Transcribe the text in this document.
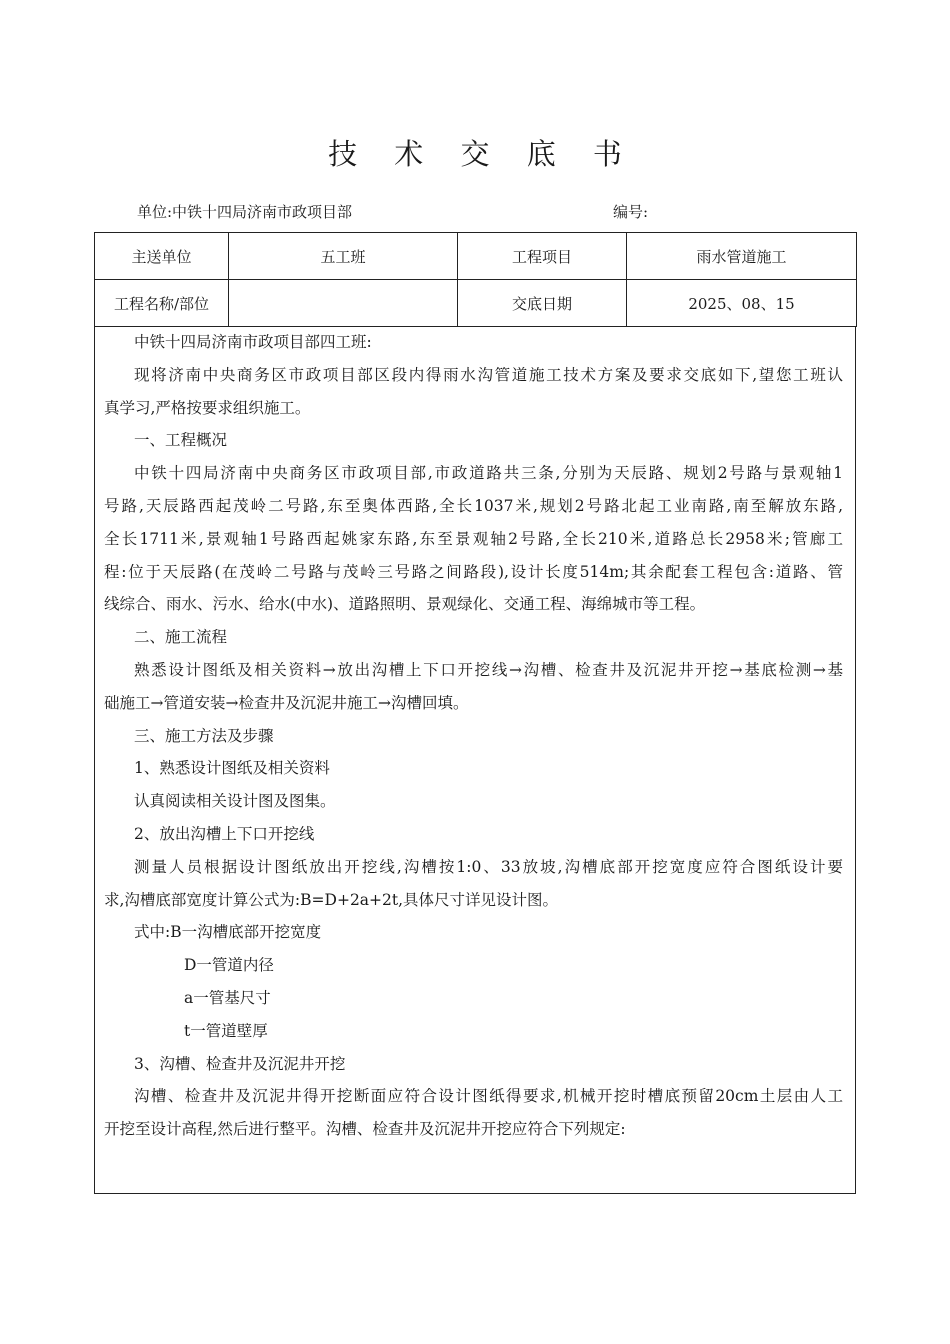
技 术 交 底 书
单位:中铁十四局济南市政项目部	编号:
主送单位	五工班	工程项目	雨水管道施工
工程名称/部位		交底日期	2025、08、15

中铁十四局济南市政项目部四工班:

现将济南中央商务区市政项目部区段内得雨水沟管道施工技术方案及要求交底如下,望您工班认

真学习,严格按要求组织施工。

一、工程概况

中铁十四局济南中央商务区市政项目部,市政道路共三条,分别为天辰路、规划2号路与景观轴1

号路,天辰路西起茂岭二号路,东至奥体西路,全长1037米,规划2号路北起工业南路,南至解放东路,

全长1711米,景观轴1号路西起姚家东路,东至景观轴2号路,全长210米,道路总长2958米;管廊工

程:位于天辰路(在茂岭二号路与茂岭三号路之间路段),设计长度514m;其余配套工程包含:道路、管

线综合、雨水、污水、给水(中水)、道路照明、景观绿化、交通工程、海绵城市等工程。

二、施工流程

熟悉设计图纸及相关资料→放出沟槽上下口开挖线→沟槽、检查井及沉泥井开挖→基底检测→基

础施工→管道安装→检查井及沉泥井施工→沟槽回填。

三、施工方法及步骤

1、熟悉设计图纸及相关资料

认真阅读相关设计图及图集。

2、放出沟槽上下口开挖线

测量人员根据设计图纸放出开挖线,沟槽按1:0、33放坡,沟槽底部开挖宽度应符合图纸设计要

求,沟槽底部宽度计算公式为:B=D+2a+2t,具体尺寸详见设计图。

式中:B一沟槽底部开挖宽度

D一管道内径

a一管基尺寸

t一管道壁厚

3、沟槽、检查井及沉泥井开挖

沟槽、检查井及沉泥井得开挖断面应符合设计图纸得要求,机械开挖时槽底预留20cm土层由人工

开挖至设计高程,然后进行整平。沟槽、检查井及沉泥井开挖应符合下列规定:
